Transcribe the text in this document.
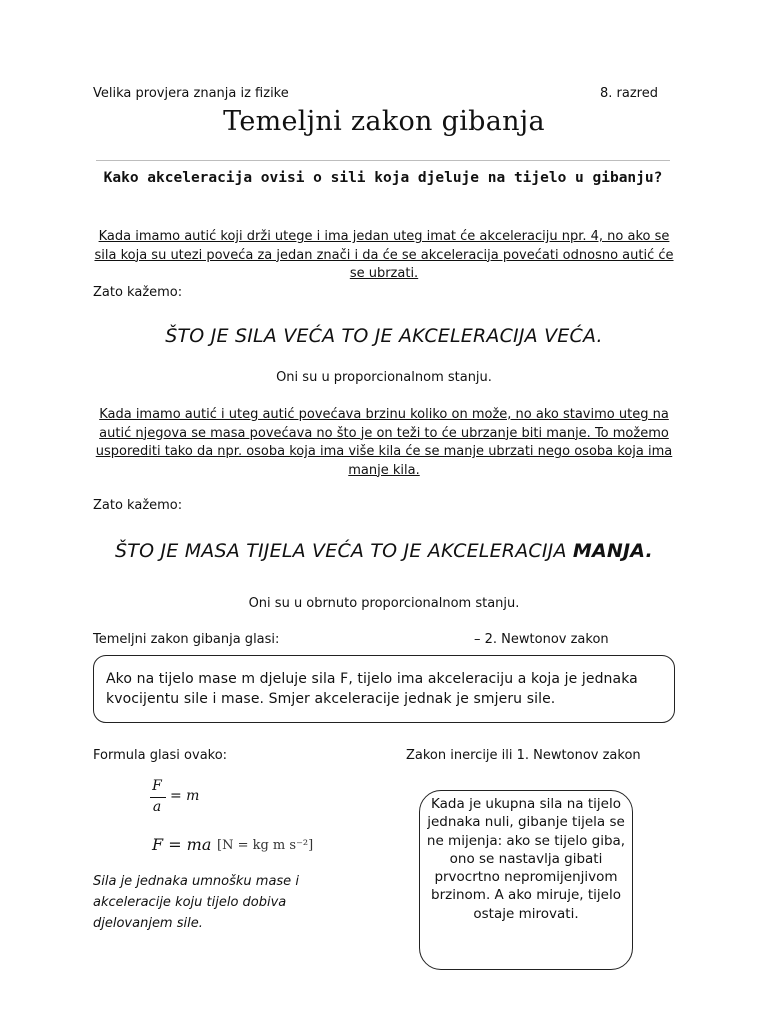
Velika provjera znanja iz fizike	8. razred
Temeljni zakon gibanja
Kako akceleracija ovisi o sili koja djeluje na tijelo u gibanju?
Kada imamo autić koji drži utege i ima jedan uteg imat će akceleraciju npr. 4, no ako se sila koja su utezi poveća za jedan znači i da će se akceleracija povećati odnosno autić će se ubrzati.
Zato kažemo:
ŠTO JE SILA VEĆA TO JE AKCELERACIJA VEĆA.
Oni su u proporcionalnom stanju.
Kada imamo autić i uteg autić povećava brzinu koliko on može, no ako stavimo uteg na autić njegova se masa povećava no što je on teži to će ubrzanje biti manje. To možemo usporediti tako da npr. osoba koja ima više kila će se manje ubrzati nego osoba koja ima manje kila.
Zato kažemo:
ŠTO JE MASA TIJELA VEĆA TO JE AKCELERACIJA MANJA.
Oni su u obrnuto proporcionalnom stanju.
Temeljni zakon gibanja glasi:	– 2. Newtonov zakon
Ako na tijelo mase m djeluje sila F, tijelo ima akceleraciju a koja je jednaka kvocijentu sile i mase. Smjer akceleracije jednak je smjeru sile.
Formula glasi ovako:	Zakon inercije ili 1. Newtonov zakon
F
a
= m
F = ma [N = kg m s⁻²]
Sila je jednaka umnošku mase i akceleracije koju tijelo dobiva djelovanjem sile.
Kada je ukupna sila na tijelo jednaka nuli, gibanje tijela se ne mijenja: ako se tijelo giba, ono se nastavlja gibati prvocrtno nepromijenjivom brzinom. A ako miruje, tijelo ostaje mirovati.
